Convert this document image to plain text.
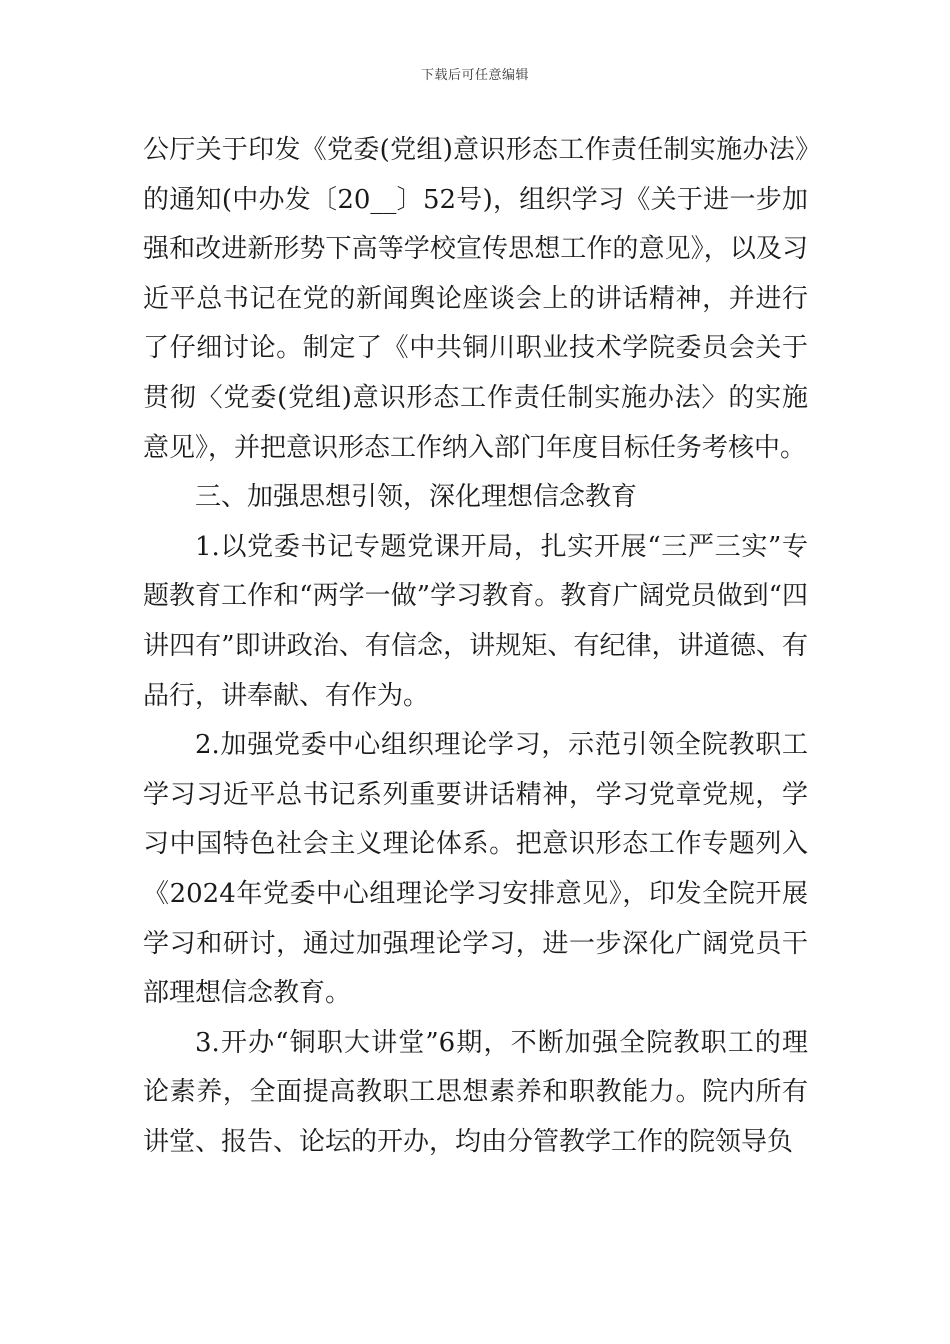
下载后可任意编辑

公厅关于印发《党委(党组)意识形态工作责任制实施办法》的通知(中办发〔20__〕52号)，组织学习《关于进一步加强和改进新形势下高等学校宣传思想工作的意见》，以及习近平总书记在党的新闻舆论座谈会上的讲话精神，并进行了仔细讨论。制定了《中共铜川职业技术学院委员会关于贯彻〈党委(党组)意识形态工作责任制实施办法〉的实施意见》，并把意识形态工作纳入部门年度目标任务考核中。

三、加强思想引领，深化理想信念教育

1.以党委书记专题党课开局，扎实开展“三严三实”专题教育工作和“两学一做”学习教育。教育广阔党员做到“四讲四有”即讲政治、有信念，讲规矩、有纪律，讲道德、有品行，讲奉献、有作为。

2.加强党委中心组织理论学习，示范引领全院教职工学习习近平总书记系列重要讲话精神，学习党章党规，学习中国特色社会主义理论体系。把意识形态工作专题列入《2024年党委中心组理论学习安排意见》，印发全院开展学习和研讨，通过加强理论学习，进一步深化广阔党员干部理想信念教育。

3.开办“铜职大讲堂”6期，不断加强全院教职工的理论素养，全面提高教职工思想素养和职教能力。院内所有讲堂、报告、论坛的开办，均由分管教学工作的院领导负
